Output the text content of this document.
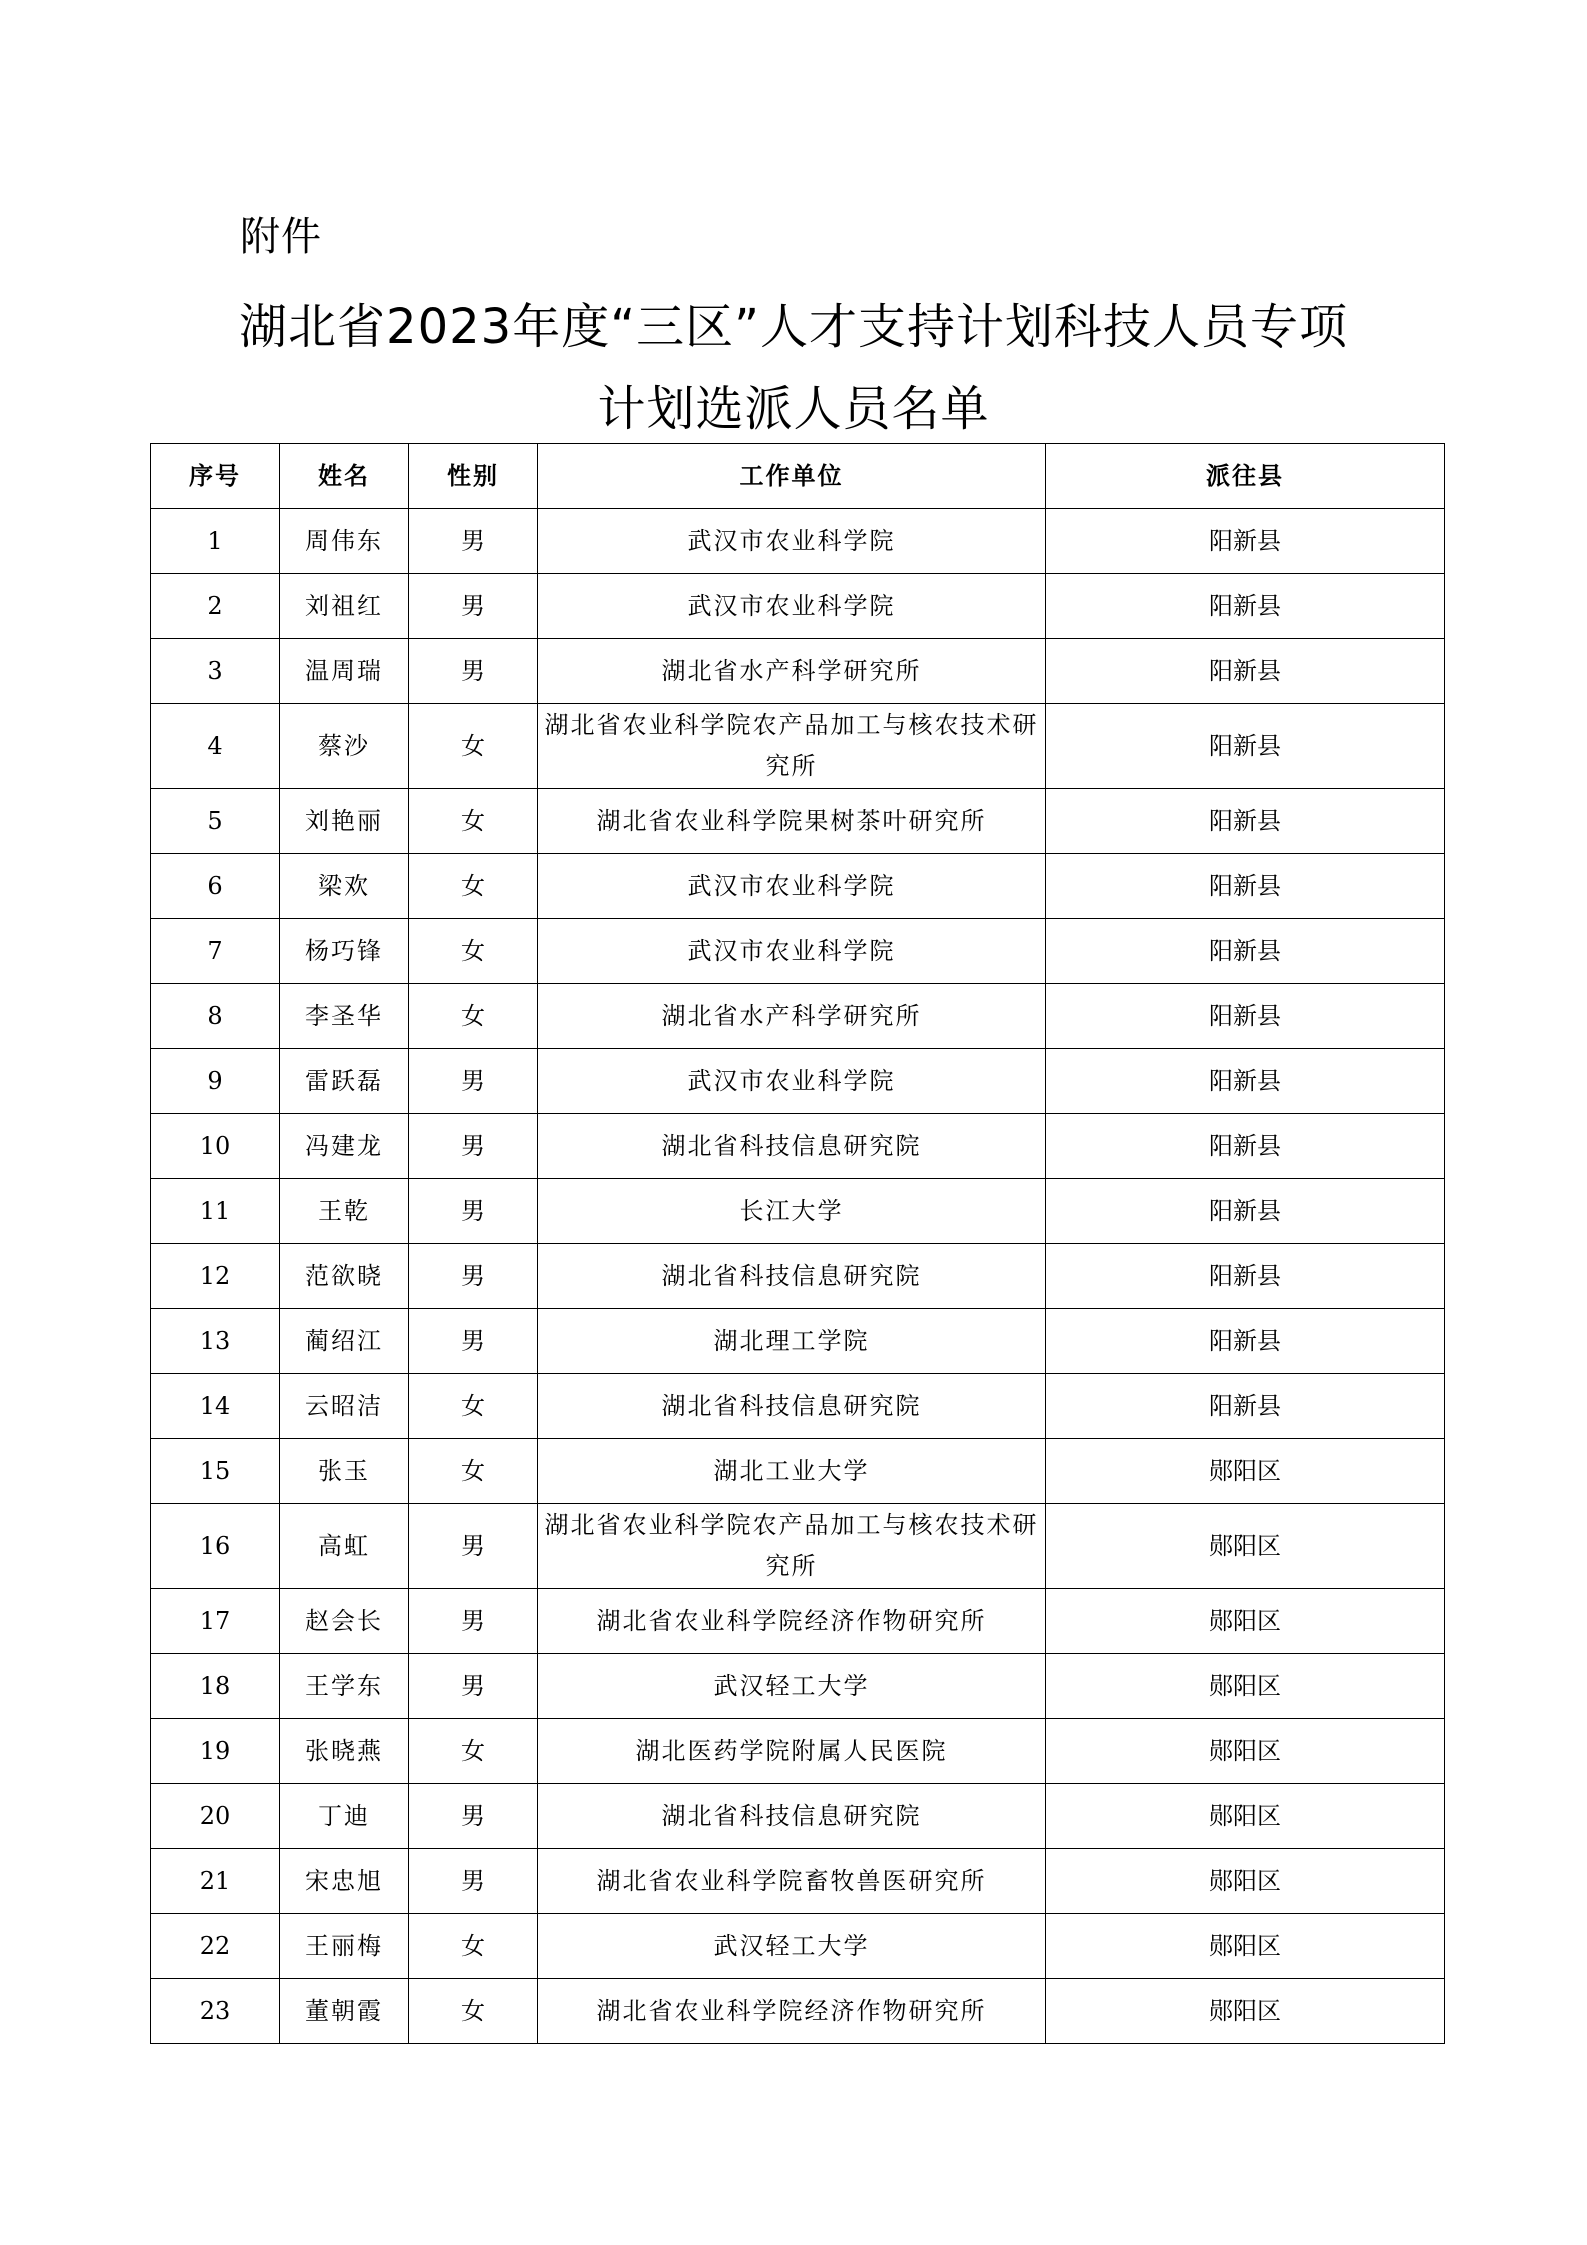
附件
湖北省2023年度“三区”人才支持计划科技人员专项
计划选派人员名单
序号	姓名	性别	工作单位	派往县
1	周伟东	男	武汉市农业科学院	阳新县
2	刘祖红	男	武汉市农业科学院	阳新县
3	温周瑞	男	湖北省水产科学研究所	阳新县
4	蔡沙	女	湖北省农业科学院农产品加工与核农技术研究所	阳新县
5	刘艳丽	女	湖北省农业科学院果树茶叶研究所	阳新县
6	梁欢	女	武汉市农业科学院	阳新县
7	杨巧锋	女	武汉市农业科学院	阳新县
8	李圣华	女	湖北省水产科学研究所	阳新县
9	雷跃磊	男	武汉市农业科学院	阳新县
10	冯建龙	男	湖北省科技信息研究院	阳新县
11	王乾	男	长江大学	阳新县
12	范欲晓	男	湖北省科技信息研究院	阳新县
13	蔺绍江	男	湖北理工学院	阳新县
14	云昭洁	女	湖北省科技信息研究院	阳新县
15	张玉	女	湖北工业大学	郧阳区
16	高虹	男	湖北省农业科学院农产品加工与核农技术研究所	郧阳区
17	赵会长	男	湖北省农业科学院经济作物研究所	郧阳区
18	王学东	男	武汉轻工大学	郧阳区
19	张晓燕	女	湖北医药学院附属人民医院	郧阳区
20	丁迪	男	湖北省科技信息研究院	郧阳区
21	宋忠旭	男	湖北省农业科学院畜牧兽医研究所	郧阳区
22	王丽梅	女	武汉轻工大学	郧阳区
23	董朝霞	女	湖北省农业科学院经济作物研究所	郧阳区
